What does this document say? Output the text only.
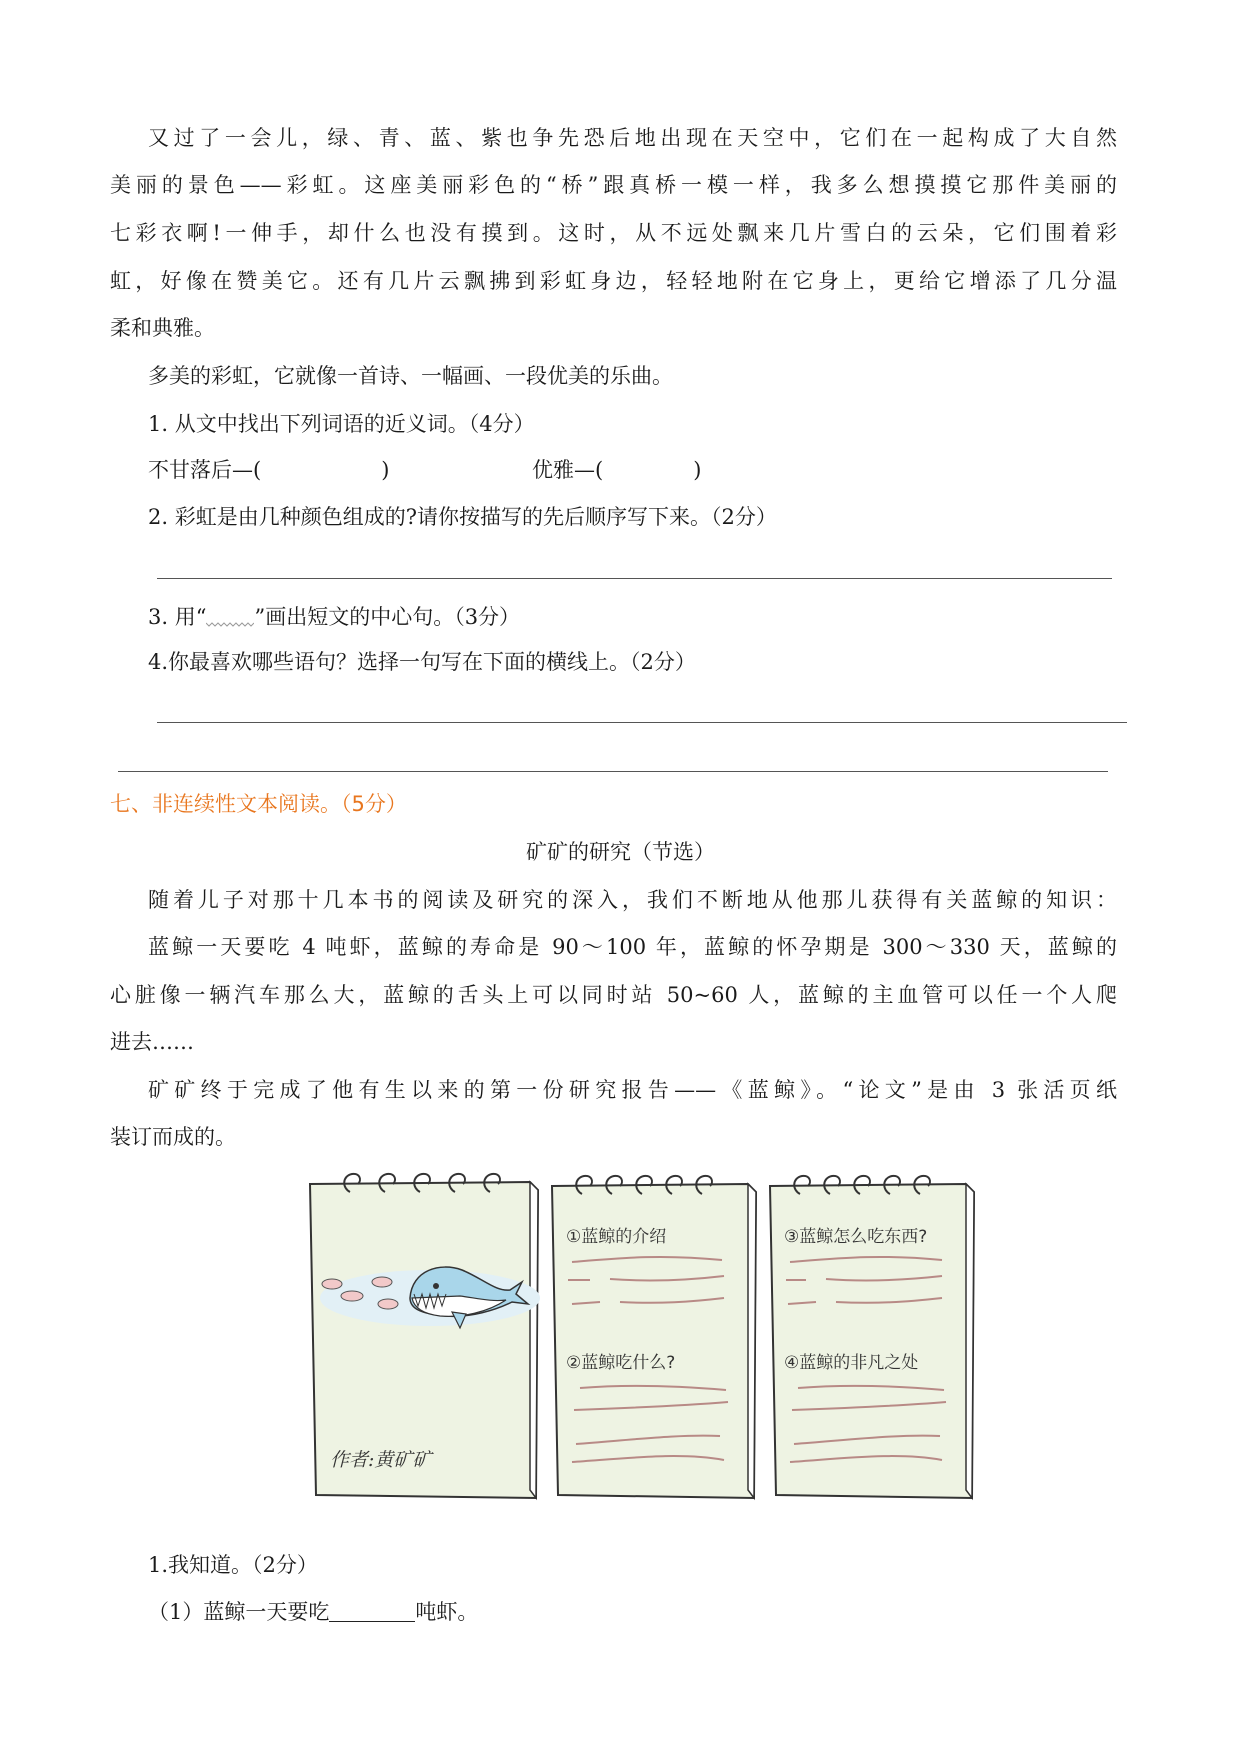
又过了一会儿，绿、青、蓝、紫也争先恐后地出现在天空中，它们在一起构成了大自然
美丽的景色——彩虹。这座美丽彩色的“桥”跟真桥一模一样，我多么想摸摸它那件美丽的
七彩衣啊!一伸手，却什么也没有摸到。这时，从不远处飘来几片雪白的云朵，它们围着彩
虹，好像在赞美它。还有几片云飘拂到彩虹身边，轻轻地附在它身上，更给它增添了几分温
柔和典雅。
多美的彩虹，它就像一首诗、一幅画、一段优美的乐曲。
1. 从文中找出下列词语的近义词。（4分）
不甘落后—(	)	优雅—(	)
2. 彩虹是由几种颜色组成的?请你按描写的先后顺序写下来。（2分）
3. 用“ ”画出短文的中心句。（3分）
4.你最喜欢哪些语句？选择一句写在下面的横线上。（2分）
七、非连续性文本阅读。（5分）
矿矿的研究（节选）
随着儿子对那十几本书的阅读及研究的深入，我们不断地从他那儿获得有关蓝鲸的知识：
蓝鲸一天要吃 4 吨虾，蓝鲸的寿命是 90～100 年，蓝鲸的怀孕期是 300～330 天，蓝鲸的
心脏像一辆汽车那么大，蓝鲸的舌头上可以同时站 50~60 人，蓝鲸的主血管可以任一个人爬
进去……
矿矿终于完成了他有生以来的第一份研究报告——《蓝鲸》。“论文”是由 3 张活页纸
装订而成的。
作者:黄矿矿
①蓝鲸的介绍
②蓝鲸吃什么?
③蓝鲸怎么吃东西?
④蓝鲸的非凡之处
1.我知道。（2分）
（1）蓝鲸一天要吃	吨虾。
